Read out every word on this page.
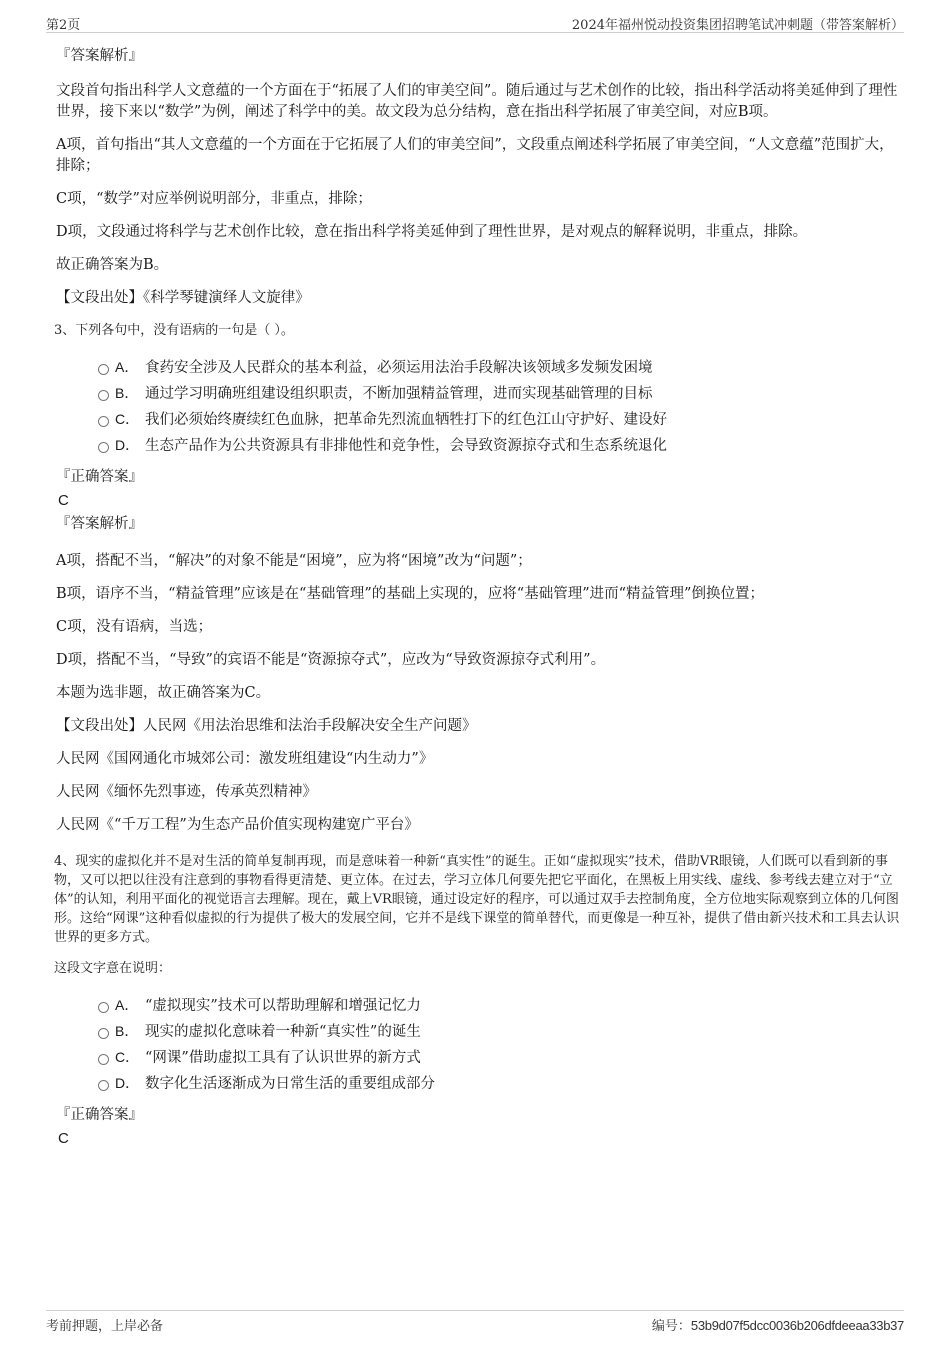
第2页	2024年福州悦动投资集团招聘笔试冲刺题（带答案解析）

『答案解析』

文段首句指出科学人文意蕴的一个方面在于“拓展了人们的审美空间”。随后通过与艺术创作的比较，指出科学活动将美延伸到了理性世界，接下来以“数学”为例，阐述了科学中的美。故文段为总分结构，意在指出科学拓展了审美空间，对应B项。

A项，首句指出“其人文意蕴的一个方面在于它拓展了人们的审美空间”，文段重点阐述科学拓展了审美空间，“人文意蕴”范围扩大，排除；

C项，“数学”对应举例说明部分，非重点，排除；

D项，文段通过将科学与艺术创作比较，意在指出科学将美延伸到了理性世界，是对观点的解释说明，非重点，排除。

故正确答案为B。

【文段出处】《科学琴键演绎人文旋律》

3、下列各句中，没有语病的一句是（ ）。

A． 食药安全涉及人民群众的基本利益，必须运用法治手段解决该领域多发频发困境
B． 通过学习明确班组建设组织职责，不断加强精益管理，进而实现基础管理的目标
C． 我们必须始终赓续红色血脉，把革命先烈流血牺牲打下的红色江山守护好、建设好
D． 生态产品作为公共资源具有非排他性和竞争性，会导致资源掠夺式和生态系统退化

『正确答案』

C

『答案解析』

A项，搭配不当，“解决”的对象不能是“困境”，应为将“困境”改为“问题”；

B项，语序不当，“精益管理”应该是在“基础管理”的基础上实现的，应将“基础管理”进而“精益管理”倒换位置；

C项，没有语病，当选；

D项，搭配不当，“导致”的宾语不能是“资源掠夺式”，应改为“导致资源掠夺式利用”。

本题为选非题，故正确答案为C。

【文段出处】人民网《用法治思维和法治手段解决安全生产问题》

人民网《国网通化市城郊公司：激发班组建设“内生动力”》

人民网《缅怀先烈事迹，传承英烈精神》

人民网《“千万工程”为生态产品价值实现构建宽广平台》

4、现实的虚拟化并不是对生活的简单复制再现，而是意味着一种新“真实性”的诞生。正如“虚拟现实”技术，借助VR眼镜，人们既可以看到新的事物，又可以把以往没有注意到的事物看得更清楚、更立体。在过去，学习立体几何要先把它平面化，在黑板上用实线、虚线、参考线去建立对于“立体”的认知，利用平面化的视觉语言去理解。现在，戴上VR眼镜，通过设定好的程序，可以通过双手去控制角度，全方位地实际观察到立体的几何图形。这给“网课”这种看似虚拟的行为提供了极大的发展空间，它并不是线下课堂的简单替代，而更像是一种互补，提供了借由新兴技术和工具去认识世界的更多方式。

这段文字意在说明：

A． “虚拟现实”技术可以帮助理解和增强记忆力
B． 现实的虚拟化意味着一种新“真实性”的诞生
C． “网课”借助虚拟工具有了认识世界的新方式
D． 数字化生活逐渐成为日常生活的重要组成部分

『正确答案』

C

考前押题，上岸必备	编号：53b9d07f5dcc0036b206dfdeeaa33b37
